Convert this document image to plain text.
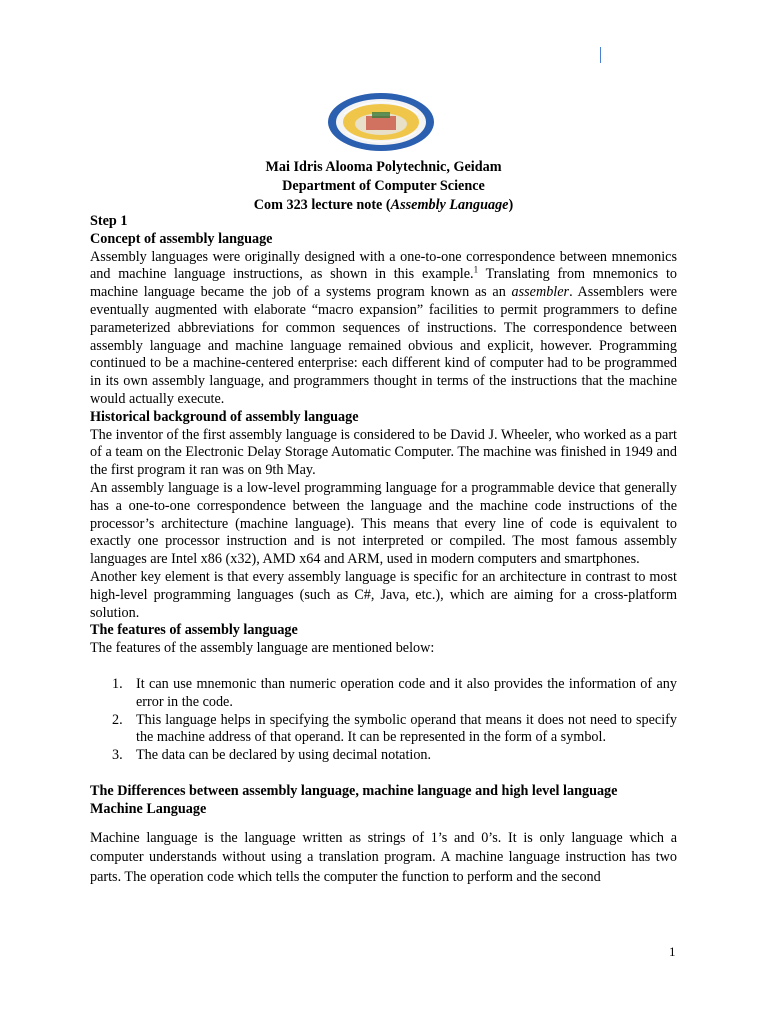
Mai Idris Alooma Polytechnic, Geidam
Department of Computer Science
Com 323 lecture note (Assembly Language)

Step 1

Concept of assembly language

Assembly languages were originally designed with a one-to-one correspondence between mnemonics and machine language instructions, as shown in this example.$^1$ Translating from mnemonics to machine language became the job of a systems program known as an assembler. Assemblers were eventually augmented with elaborate “macro expansion” facilities to permit programmers to define parameterized abbreviations for common sequences of instructions. The correspondence between assembly language and machine language remained obvious and explicit, however. Programming continued to be a machine-centered enterprise: each different kind of computer had to be programmed in its own assembly language, and programmers thought in terms of the instructions that the machine would actually execute.

Historical background of assembly language

The inventor of the first assembly language is considered to be David J. Wheeler, who worked as a part of a team on the Electronic Delay Storage Automatic Computer. The machine was finished in 1949 and the first program it ran was on 9th May.

An assembly language is a low-level programming language for a programmable device that generally has a one-to-one correspondence between the language and the machine code instructions of the processor’s architecture (machine language). This means that every line of code is equivalent to exactly one processor instruction and is not interpreted or compiled. The most famous assembly languages are Intel x86 (x32), AMD x64 and ARM, used in modern computers and smartphones.

Another key element is that every assembly language is specific for an architecture in contrast to most high-level programming languages (such as C#, Java, etc.), which are aiming for a cross-platform solution.

The features of assembly language

The features of the assembly language are mentioned below:

1. It can use mnemonic than numeric operation code and it also provides the information of any error in the code.
2. This language helps in specifying the symbolic operand that means it does not need to specify the machine address of that operand. It can be represented in the form of a symbol.
3. The data can be declared by using decimal notation.

The Differences between assembly language, machine language and high level language

Machine Language

Machine language is the language written as strings of 1’s and 0’s. It is only language which a computer understands without using a translation program. A machine language instruction has two parts. The operation code which tells the computer the function to perform and the second

1
